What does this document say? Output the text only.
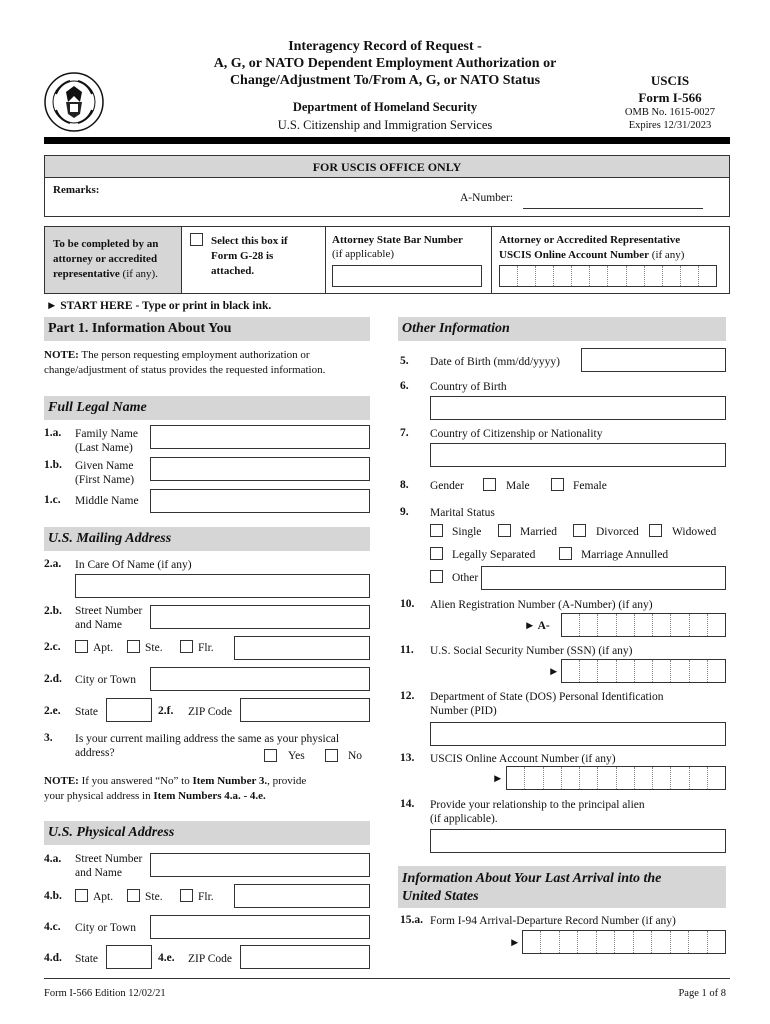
Interagency Record of Request -
A, G, or NATO Dependent Employment Authorization or
Change/Adjustment To/From A, G, or NATO Status
Department of Homeland Security
U.S. Citizenship and Immigration Services
USCIS
Form I-566
OMB No. 1615-0027
Expires 12/31/2023
FOR USCIS OFFICE ONLY
Remarks:
A-Number:
To be completed by an
attorney or accredited
representative (if any).
Select this box if
Form G-28 is
attached.
Attorney State Bar Number
(if applicable)
Attorney or Accredited Representative
USCIS Online Account Number (if any)
► START HERE - Type or print in black ink.
Part 1. Information About You
NOTE: The person requesting employment authorization or
change/adjustment of status provides the requested information.
Full Legal Name
1.a. Family Name
(Last Name)
1.b. Given Name
(First Name)
1.c. Middle Name
U.S. Mailing Address
2.a. In Care Of Name (if any)
2.b. Street Number
and Name
2.c.	Apt.	Ste.	Flr.
2.d. City or Town
2.e. State	2.f. ZIP Code
3. Is your current mailing address the same as your physical
address?	Yes	No
NOTE: If you answered “No” to Item Number 3., provide
your physical address in Item Numbers 4.a. - 4.e.
U.S. Physical Address
4.a. Street Number
and Name
4.b.	Apt.	Ste.	Flr.
4.c. City or Town
4.d. State	4.e. ZIP Code
Other Information
5. Date of Birth (mm/dd/yyyy)
6. Country of Birth
7. Country of Citizenship or Nationality
8. Gender	Male	Female
9. Marital Status
Single	Married	Divorced	Widowed
Legally Separated	Marriage Annulled
Other
10. Alien Registration Number (A-Number) (if any)
► A-
11. U.S. Social Security Number (SSN) (if any)
►
12. Department of State (DOS) Personal Identification
Number (PID)
13. USCIS Online Account Number (if any)
►
14. Provide your relationship to the principal alien
(if applicable).
Information About Your Last Arrival into the
United States
15.a. Form I-94 Arrival-Departure Record Number (if any)
►
Form I-566 Edition 12/02/21	Page 1 of 8
